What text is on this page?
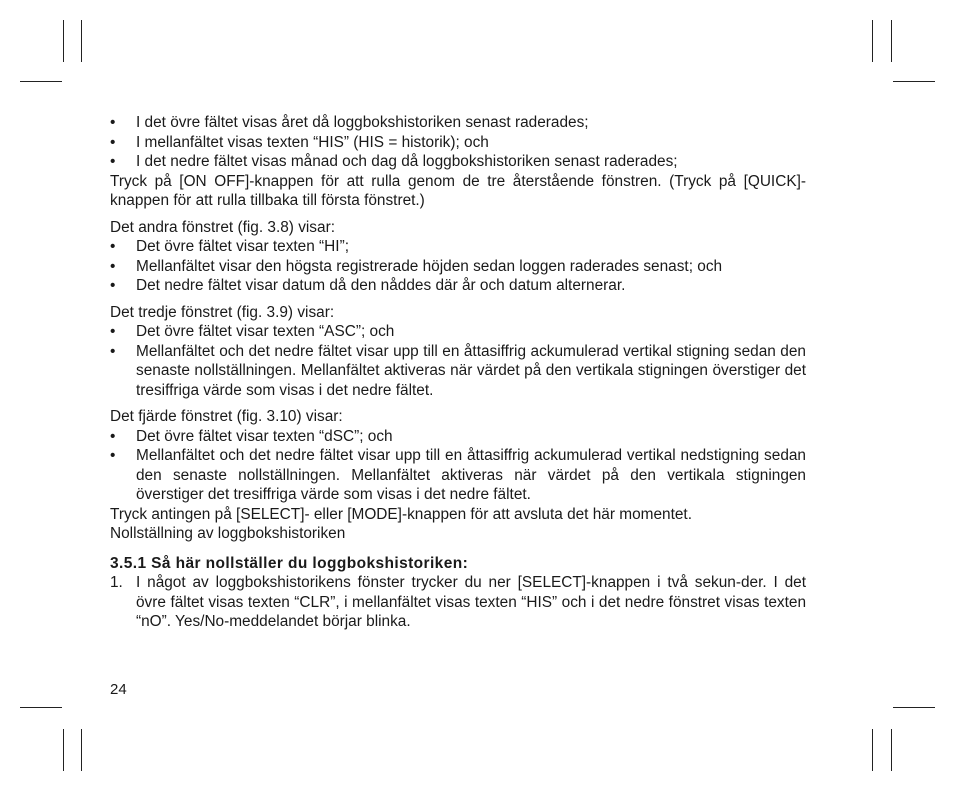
• I det övre fältet visas året då loggbokshistoriken senast raderades;
• I mellanfältet visas texten “HIS” (HIS = historik); och
• I det nedre fältet visas månad och dag då loggbokshistoriken senast raderades;

Tryck på [ON OFF]-knappen för att rulla genom de tre återstående fönstren. (Tryck på [QUICK]-knappen för att rulla tillbaka till första fönstret.)

Det andra fönstret (fig. 3.8) visar:

• Det övre fältet visar texten “HI”;
• Mellanfältet visar den högsta registrerade höjden sedan loggen raderades senast; och
• Det nedre fältet visar datum då den nåddes där år och datum alternerar.

Det tredje fönstret (fig. 3.9) visar:

• Det övre fältet visar texten “ASC”; och
• Mellanfältet och det nedre fältet visar upp till en åttasiffrig ackumulerad vertikal stigning sedan den senaste nollställningen. Mellanfältet aktiveras när värdet på den vertikala stigningen överstiger det tresiffriga värde som visas i det nedre fältet.

Det fjärde fönstret (fig. 3.10) visar:

• Det övre fältet visar texten “dSC”; och
• Mellanfältet och det nedre fältet visar upp till en åttasiffrig ackumulerad vertikal nedstigning sedan den senaste nollställningen. Mellanfältet aktiveras när värdet på den vertikala stigningen överstiger det tresiffriga värde som visas i det nedre fältet.

Tryck antingen på [SELECT]- eller [MODE]-knappen för att avsluta det här momentet.

Nollställning av loggbokshistoriken

3.5.1 Så här nollställer du loggbokshistoriken:
1. I något av loggbokshistorikens fönster trycker du ner [SELECT]-knappen i två sekun-der. I det övre fältet visas texten “CLR”, i mellanfältet visas texten “HIS” och i det nedre fönstret visas texten “nO”. Yes/No-meddelandet börjar blinka.
24
